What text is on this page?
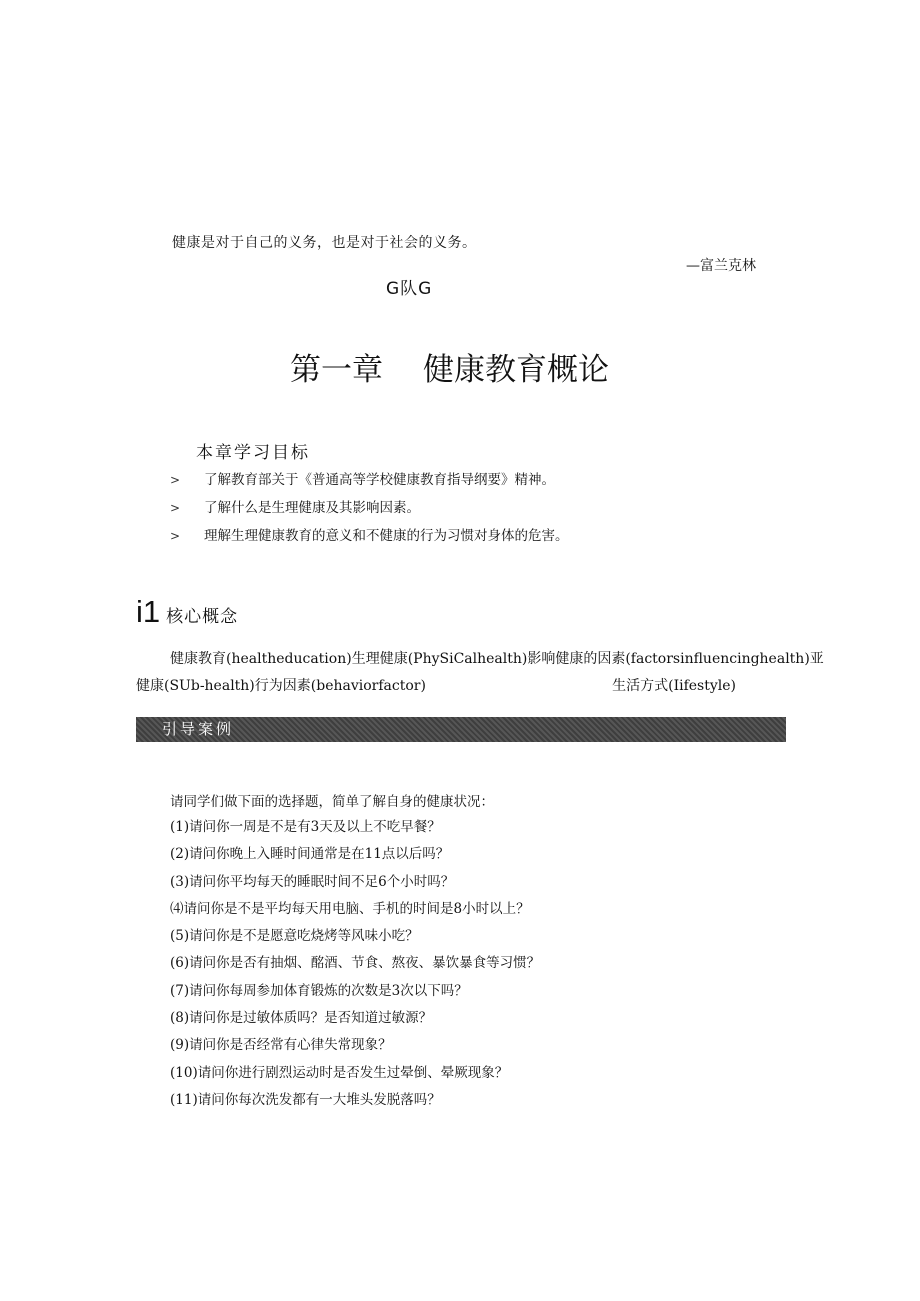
健康是对于自己的义务，也是对于社会的义务。
—富兰克林
G队G
第一章 健康教育概论
本章学习目标
>	了解教育部关于《普通高等学校健康教育指导纲要》精神。
>	了解什么是生理健康及其影响因素。
>	理解生理健康教育的意义和不健康的行为习惯对身体的危害。
i1 核心概念
健康教育(healtheducation)生理健康(PhySiCalhealth)影响健康的因素(factorsinfluencinghealth)亚
健康(SUb-health)行为因素(behaviorfactor)	生活方式(Iifestyle)
引导案例
请同学们做下面的选择题，简单了解自身的健康状况：
(1)请问你一周是不是有3天及以上不吃早餐？
(2)请问你晚上入睡时间通常是在11点以后吗？
(3)请问你平均每天的睡眠时间不足6个小时吗？
⑷请问你是不是平均每天用电脑、手机的时间是8小时以上？
(5)请问你是不是愿意吃烧烤等风味小吃？
(6)请问你是否有抽烟、酩酒、节食、熬夜、暴饮暴食等习惯？
(7)请问你每周参加体育锻炼的次数是3次以下吗？
(8)请问你是过敏体质吗？是否知道过敏源？
(9)请问你是否经常有心律失常现象？
(10)请问你进行剧烈运动时是否发生过晕倒、晕厥现象？
(11)请问你每次洗发都有一大堆头发脱落吗？
